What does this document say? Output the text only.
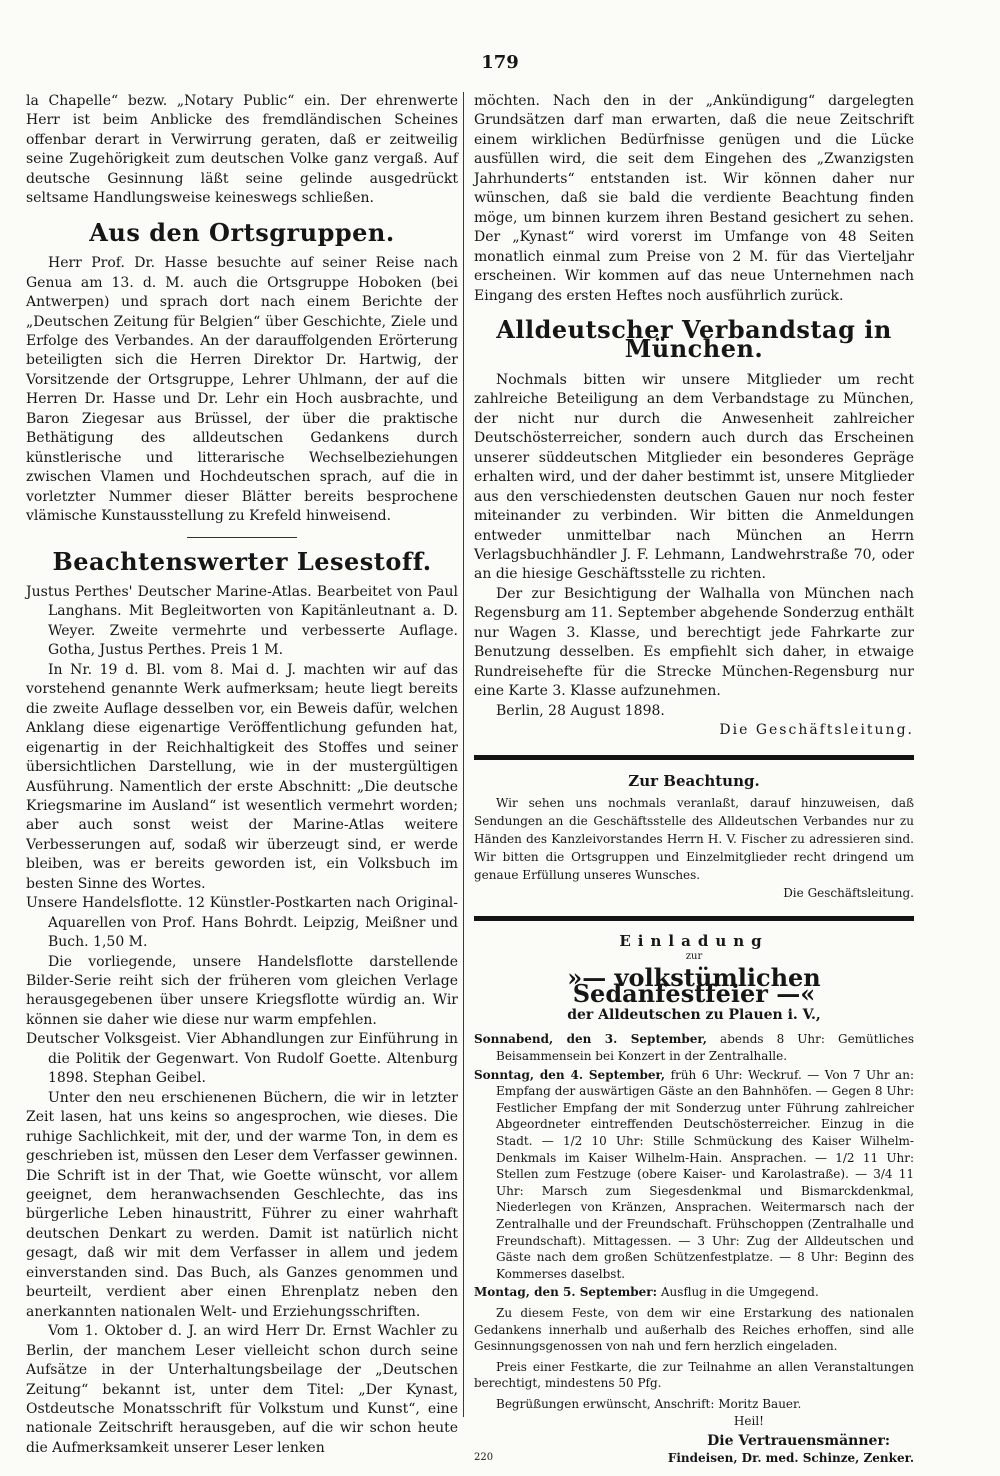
179

la Chapelle“ bezw. „Notary Public“ ein. Der ehrenwerte Herr ist beim Anblicke des fremdländischen Scheines offenbar derart in Verwirrung geraten, daß er zeitweilig seine Zugehörigkeit zum deutschen Volke ganz vergaß. Auf deutsche Gesinnung läßt seine gelinde ausgedrückt seltsame Handlungsweise keineswegs schließen.

Aus den Ortsgruppen.

Herr Prof. Dr. Hasse besuchte auf seiner Reise nach Genua am 13. d. M. auch die Ortsgruppe Hoboken (bei Antwerpen) und sprach dort nach einem Berichte der „Deutschen Zeitung für Belgien“ über Geschichte, Ziele und Erfolge des Verbandes. An der darauffolgenden Erörterung beteiligten sich die Herren Direktor Dr. Hartwig, der Vorsitzende der Ortsgruppe, Lehrer Uhlmann, der auf die Herren Dr. Hasse und Dr. Lehr ein Hoch ausbrachte, und Baron Ziegesar aus Brüssel, der über die praktische Bethätigung des alldeutschen Gedankens durch künstlerische und litterarische Wechselbeziehungen zwischen Vlamen und Hochdeutschen sprach, auf die in vorletzter Nummer dieser Blätter bereits besprochene vlämische Kunstausstellung zu Krefeld hinweisend.

Beachtenswerter Lesestoff.

Justus Perthes' Deutscher Marine-Atlas. Bearbeitet von Paul Langhans. Mit Begleitworten von Kapitänleutnant a. D. Weyer. Zweite vermehrte und verbesserte Auflage. Gotha, Justus Perthes. Preis 1 M.

In Nr. 19 d. Bl. vom 8. Mai d. J. machten wir auf das vorstehend genannte Werk aufmerksam; heute liegt bereits die zweite Auflage desselben vor, ein Beweis dafür, welchen Anklang diese eigenartige Veröffentlichung gefunden hat, eigenartig in der Reichhaltigkeit des Stoffes und seiner übersichtlichen Darstellung, wie in der mustergültigen Ausführung. Namentlich der erste Abschnitt: „Die deutsche Kriegsmarine im Ausland“ ist wesentlich vermehrt worden; aber auch sonst weist der Marine-Atlas weitere Verbesserungen auf, sodaß wir überzeugt sind, er werde bleiben, was er bereits geworden ist, ein Volksbuch im besten Sinne des Wortes.

Unsere Handelsflotte. 12 Künstler-Postkarten nach Original-Aquarellen von Prof. Hans Bohrdt. Leipzig, Meißner und Buch. 1,50 M.

Die vorliegende, unsere Handelsflotte darstellende Bilder-Serie reiht sich der früheren vom gleichen Verlage herausgegebenen über unsere Kriegsflotte würdig an. Wir können sie daher wie diese nur warm empfehlen.

Deutscher Volksgeist. Vier Abhandlungen zur Einführung in die Politik der Gegenwart. Von Rudolf Goette. Altenburg 1898. Stephan Geibel.

Unter den neu erschienenen Büchern, die wir in letzter Zeit lasen, hat uns keins so angesprochen, wie dieses. Die ruhige Sachlichkeit, mit der, und der warme Ton, in dem es geschrieben ist, müssen den Leser dem Verfasser gewinnen. Die Schrift ist in der That, wie Goette wünscht, vor allem geeignet, dem heranwachsenden Geschlechte, das ins bürgerliche Leben hinaustritt, Führer zu einer wahrhaft deutschen Denkart zu werden. Damit ist natürlich nicht gesagt, daß wir mit dem Verfasser in allem und jedem einverstanden sind. Das Buch, als Ganzes genommen und beurteilt, verdient aber einen Ehrenplatz neben den anerkannten nationalen Welt- und Erziehungsschriften.

Vom 1. Oktober d. J. an wird Herr Dr. Ernst Wachler zu Berlin, der manchem Leser vielleicht schon durch seine Aufsätze in der Unterhaltungsbeilage der „Deutschen Zeitung“ bekannt ist, unter dem Titel: „Der Kynast, Ostdeutsche Monatsschrift für Volkstum und Kunst“, eine nationale Zeitschrift herausgeben, auf die wir schon heute die Aufmerksamkeit unserer Leser lenken

möchten. Nach den in der „Ankündigung“ dargelegten Grundsätzen darf man erwarten, daß die neue Zeitschrift einem wirklichen Bedürfnisse genügen und die Lücke ausfüllen wird, die seit dem Eingehen des „Zwanzigsten Jahrhunderts“ entstanden ist. Wir können daher nur wünschen, daß sie bald die verdiente Beachtung finden möge, um binnen kurzem ihren Bestand gesichert zu sehen. Der „Kynast“ wird vorerst im Umfange von 48 Seiten monatlich einmal zum Preise von 2 M. für das Vierteljahr erscheinen. Wir kommen auf das neue Unternehmen nach Eingang des ersten Heftes noch ausführlich zurück.

Alldeutscher Verbandstag in München.

Nochmals bitten wir unsere Mitglieder um recht zahlreiche Beteiligung an dem Verbandstage zu München, der nicht nur durch die Anwesenheit zahlreicher Deutschösterreicher, sondern auch durch das Erscheinen unserer süddeutschen Mitglieder ein besonderes Gepräge erhalten wird, und der daher bestimmt ist, unsere Mitglieder aus den verschiedensten deutschen Gauen nur noch fester miteinander zu verbinden. Wir bitten die Anmeldungen entweder unmittelbar nach München an Herrn Verlagsbuchhändler J. F. Lehmann, Landwehrstraße 70, oder an die hiesige Geschäftsstelle zu richten.

Der zur Besichtigung der Walhalla von München nach Regensburg am 11. September abgehende Sonderzug enthält nur Wagen 3. Klasse, und berechtigt jede Fahrkarte zur Benutzung desselben. Es empfiehlt sich daher, in etwaige Rundreisehefte für die Strecke München-Regensburg nur eine Karte 3. Klasse aufzunehmen.

Berlin, 28 August 1898.

Die Geschäftsleitung.

Zur Beachtung.

Wir sehen uns nochmals veranlaßt, darauf hinzuweisen, daß Sendungen an die Geschäftsstelle des Alldeutschen Verbandes nur zu Händen des Kanzleivorstandes Herrn H. V. Fischer zu adressieren sind. Wir bitten die Ortsgruppen und Einzelmitglieder recht dringend um genaue Erfüllung unseres Wunsches.

Die Geschäftsleitung.

Einladung
zur
»— volkstümlichen Sedanfestfeier —«
der Alldeutschen zu Plauen i. V.,

Sonnabend, den 3. September, abends 8 Uhr: Gemütliches Beisammensein bei Konzert in der Zentralhalle.

Sonntag, den 4. September, früh 6 Uhr: Weckruf. — Von 7 Uhr an: Empfang der auswärtigen Gäste an den Bahnhöfen. — Gegen 8 Uhr: Festlicher Empfang der mit Sonderzug unter Führung zahlreicher Abgeordneter eintreffenden Deutschösterreicher. Einzug in die Stadt. — 1/2 10 Uhr: Stille Schmückung des Kaiser Wilhelm-Denkmals im Kaiser Wilhelm-Hain. Ansprachen. — 1/2 11 Uhr: Stellen zum Festzuge (obere Kaiser- und Karolastraße). — 3/4 11 Uhr: Marsch zum Siegesdenkmal und Bismarckdenkmal, Niederlegen von Kränzen, Ansprachen. Weitermarsch nach der Zentralhalle und der Freundschaft. Frühschoppen (Zentralhalle und Freundschaft). Mittagessen. — 3 Uhr: Zug der Alldeutschen und Gäste nach dem großen Schützenfestplatze. — 8 Uhr: Beginn des Kommerses daselbst.

Montag, den 5. September: Ausflug in die Umgegend.

Zu diesem Feste, von dem wir eine Erstarkung des nationalen Gedankens innerhalb und außerhalb des Reiches erhoffen, sind alle Gesinnungsgenossen von nah und fern herzlich eingeladen.

Preis einer Festkarte, die zur Teilnahme an allen Veranstaltungen berechtigt, mindestens 50 Pfg.

Begrüßungen erwünscht, Anschrift: Moritz Bauer.

Heil!

220
Die Vertrauensmänner:
Findeisen, Dr. med. Schinze, Zenker.
